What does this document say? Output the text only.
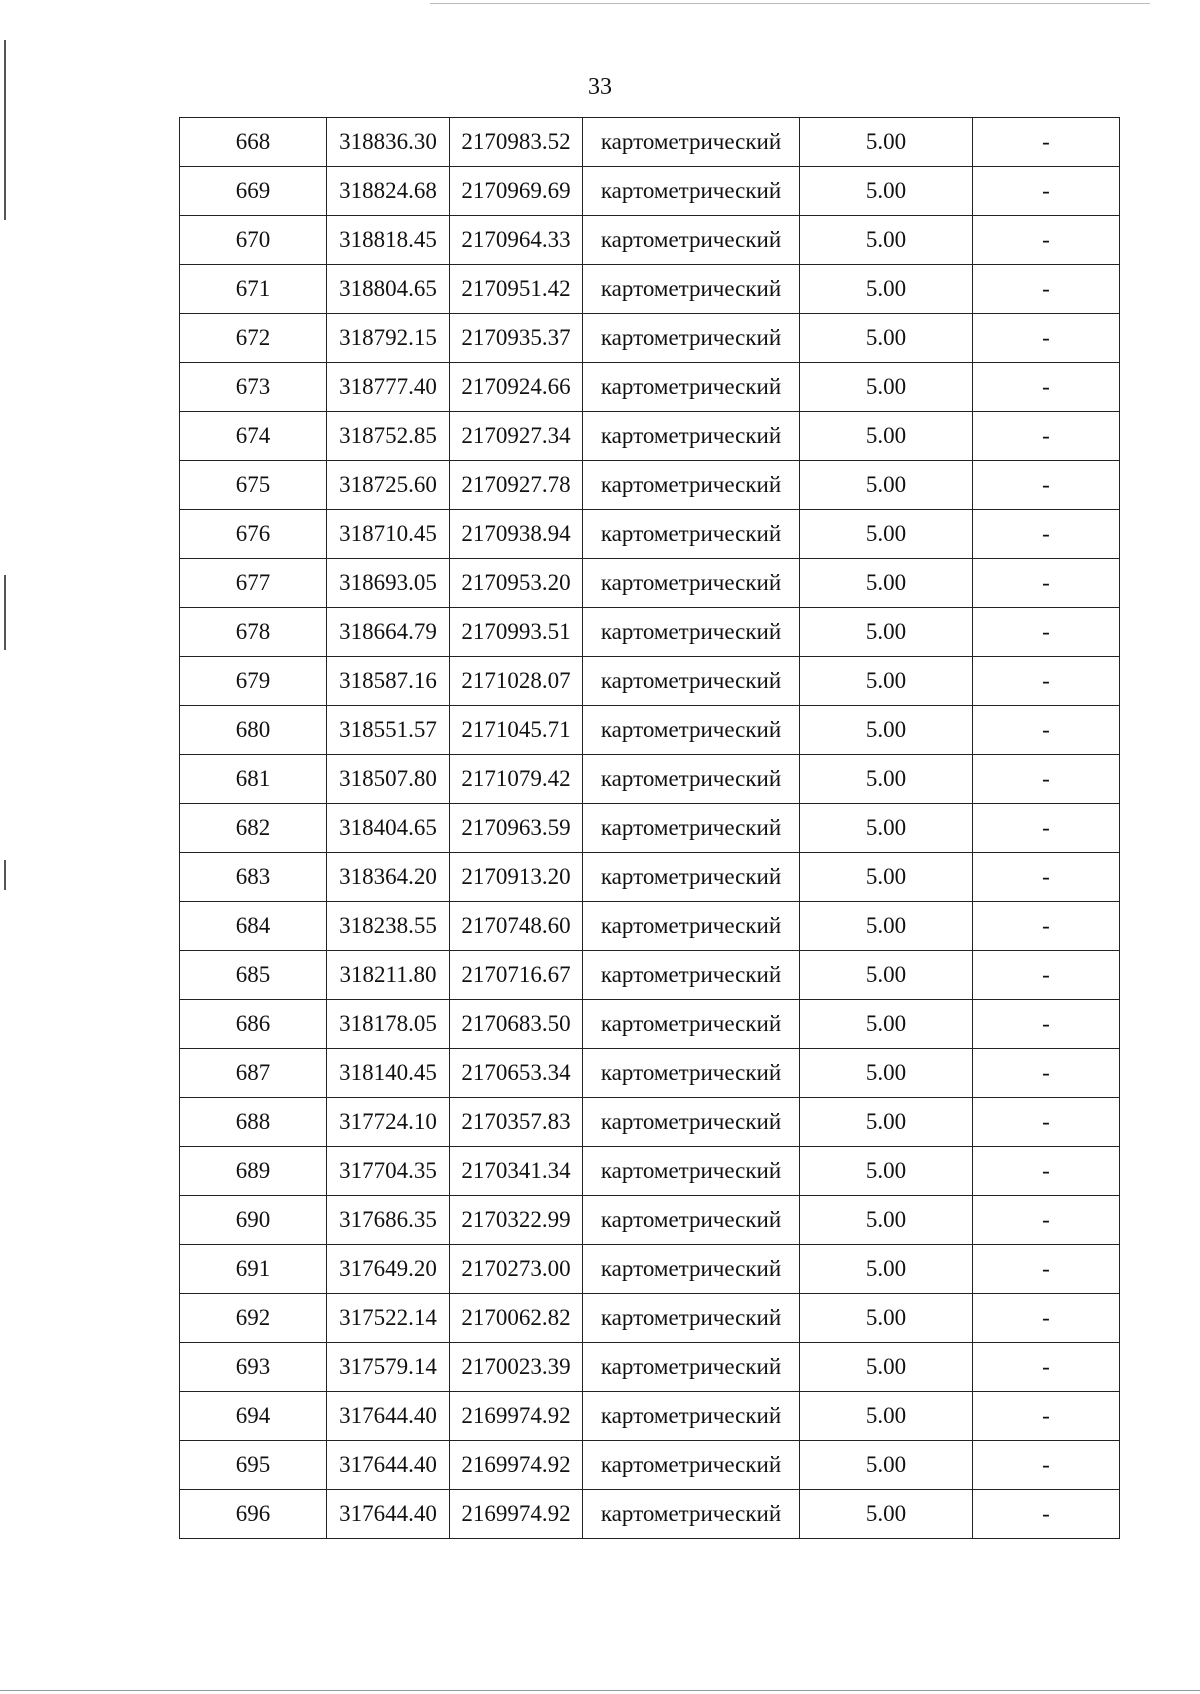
33
668	318836.30	2170983.52	картометрический	5.00	-
669	318824.68	2170969.69	картометрический	5.00	-
670	318818.45	2170964.33	картометрический	5.00	-
671	318804.65	2170951.42	картометрический	5.00	-
672	318792.15	2170935.37	картометрический	5.00	-
673	318777.40	2170924.66	картометрический	5.00	-
674	318752.85	2170927.34	картометрический	5.00	-
675	318725.60	2170927.78	картометрический	5.00	-
676	318710.45	2170938.94	картометрический	5.00	-
677	318693.05	2170953.20	картометрический	5.00	-
678	318664.79	2170993.51	картометрический	5.00	-
679	318587.16	2171028.07	картометрический	5.00	-
680	318551.57	2171045.71	картометрический	5.00	-
681	318507.80	2171079.42	картометрический	5.00	-
682	318404.65	2170963.59	картометрический	5.00	-
683	318364.20	2170913.20	картометрический	5.00	-
684	318238.55	2170748.60	картометрический	5.00	-
685	318211.80	2170716.67	картометрический	5.00	-
686	318178.05	2170683.50	картометрический	5.00	-
687	318140.45	2170653.34	картометрический	5.00	-
688	317724.10	2170357.83	картометрический	5.00	-
689	317704.35	2170341.34	картометрический	5.00	-
690	317686.35	2170322.99	картометрический	5.00	-
691	317649.20	2170273.00	картометрический	5.00	-
692	317522.14	2170062.82	картометрический	5.00	-
693	317579.14	2170023.39	картометрический	5.00	-
694	317644.40	2169974.92	картометрический	5.00	-
695	317644.40	2169974.92	картометрический	5.00	-
696	317644.40	2169974.92	картометрический	5.00	-
